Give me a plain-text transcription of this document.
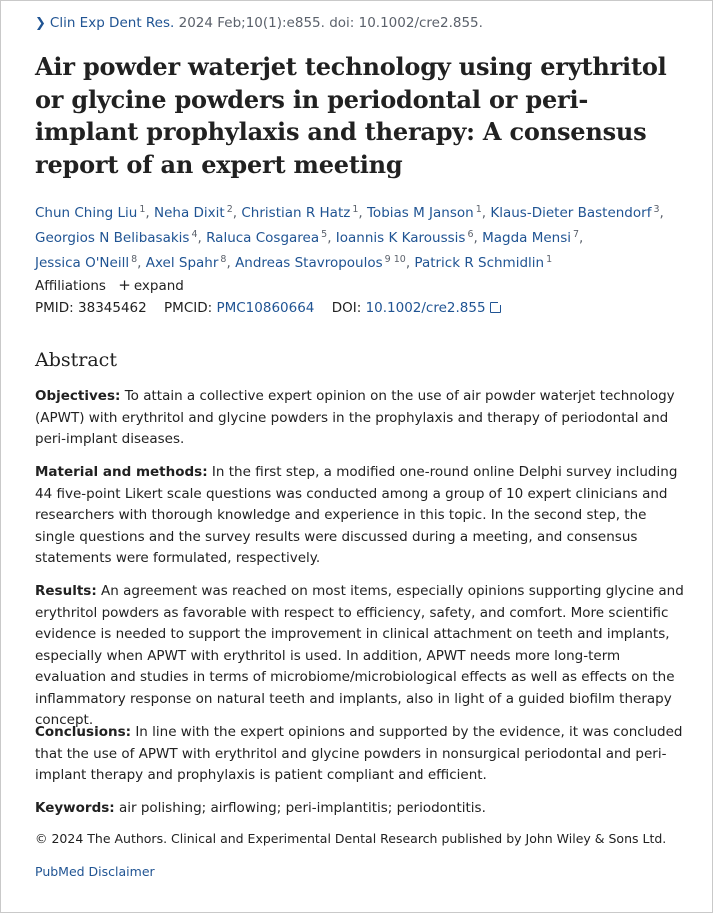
❯ Clin Exp Dent Res. 2024 Feb;10(1):e855. doi: 10.1002/cre2.855.
Air powder waterjet technology using erythritol or glycine powders in periodontal or peri-implant prophylaxis and therapy: A consensus report of an expert meeting
Chun Ching Liu $^1$, Neha Dixit $^2$, Christian R Hatz $^1$, Tobias M Janson $^1$, Klaus-Dieter Bastendorf $^3$, Georgios N Belibasakis $^4$, Raluca Cosgarea $^5$, Ioannis K Karoussis $^6$, Magda Mensi $^7$, Jessica O'Neill $^8$, Axel Spahr $^8$, Andreas Stavropoulos $^{9 10}$, Patrick R Schmidlin $^1$
Affiliations + expand
PMID: 38345462 PMCID: PMC10860664 DOI: 10.1002/cre2.855
Abstract

Objectives: To attain a collective expert opinion on the use of air powder waterjet technology (APWT) with erythritol and glycine powders in the prophylaxis and therapy of periodontal and peri-implant diseases.

Material and methods: In the first step, a modified one-round online Delphi survey including 44 five-point Likert scale questions was conducted among a group of 10 expert clinicians and researchers with thorough knowledge and experience in this topic. In the second step, the single questions and the survey results were discussed during a meeting, and consensus statements were formulated, respectively.

Results: An agreement was reached on most items, especially opinions supporting glycine and erythritol powders as favorable with respect to efficiency, safety, and comfort. More scientific evidence is needed to support the improvement in clinical attachment on teeth and implants, especially when APWT with erythritol is used. In addition, APWT needs more long-term evaluation and studies in terms of microbiome/microbiological effects as well as effects on the inflammatory response on natural teeth and implants, also in light of a guided biofilm therapy concept.

Conclusions: In line with the expert opinions and supported by the evidence, it was concluded that the use of APWT with erythritol and glycine powders in nonsurgical periodontal and peri-implant therapy and prophylaxis is patient compliant and efficient.

Keywords: air polishing; airflowing; peri-implantitis; periodontitis.

© 2024 The Authors. Clinical and Experimental Dental Research published by John Wiley & Sons Ltd.
PubMed Disclaimer
